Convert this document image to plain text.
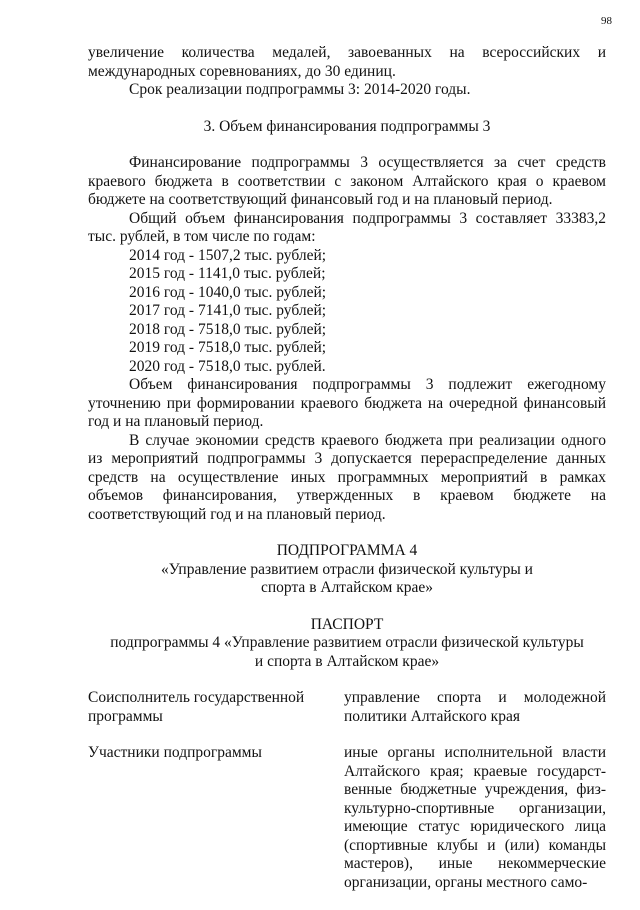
98

увеличение количества медалей, завоеванных на всероссийских и международных соревнованиях, до 30 единиц.

Срок реализации подпрограммы 3: 2014-2020 годы.

3. Объем финансирования подпрограммы 3

Финансирование подпрограммы 3 осуществляется за счет средств краевого бюджета в соответствии с законом Алтайского края о краевом бюджете на соответствующий финансовый год и на плановый период.

Общий объем финансирования подпрограммы 3 составляет 33383,2 тыс. рублей, в том числе по годам:

2014 год - 1507,2 тыс. рублей;

2015 год - 1141,0 тыс. рублей;

2016 год - 1040,0 тыс. рублей;

2017 год - 7141,0 тыс. рублей;

2018 год - 7518,0 тыс. рублей;

2019 год - 7518,0 тыс. рублей;

2020 год - 7518,0 тыс. рублей.

Объем финансирования подпрограммы 3 подлежит ежегодному уточнению при формировании краевого бюджета на очередной финансовый год и на плановый период.

В случае экономии средств краевого бюджета при реализации одного из мероприятий подпрограммы 3 допускается перераспределение данных средств на осуществление иных программных мероприятий в рамках объемов финансирования, утвержденных в краевом бюджете на соответствующий год и на плановый период.

ПОДПРОГРАММА 4

«Управление развитием отрасли физической культуры и

спорта в Алтайском крае»

ПАСПОРТ

подпрограммы 4 «Управление развитием отрасли физической культуры

и спорта в Алтайском крае»

Соисполнитель государственной программы
управление спорта и молодежной политики Алтайского края
Участники подпрограммы	иные органы исполнительной власти Алтайского края; краевые государст-венные бюджетные учреждения, физ-культурно-спортивные организации, имеющие статус юридического лица (спортивные клубы и (или) команды мастеров), иные некоммерческие организации, органы местного само-
